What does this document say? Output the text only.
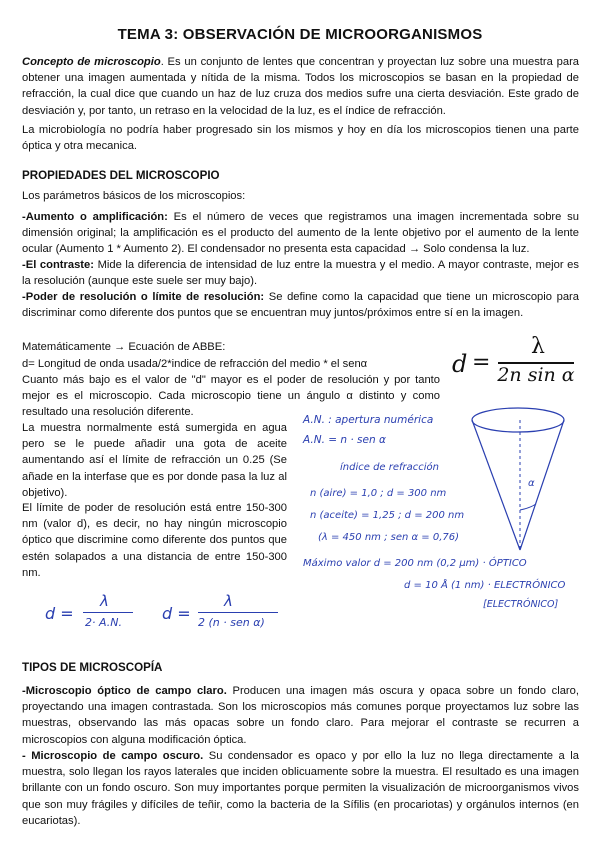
TEMA 3: OBSERVACIÓN DE MICROORGANISMOS
Concepto de microscopio. Es un conjunto de lentes que concentran y proyectan luz sobre una muestra para obtener una imagen aumentada y nítida de la misma. Todos los microscopios se basan en la propiedad de refracción, la cual dice que cuando un haz de luz cruza dos medios sufre una cierta desviación. Este grado de desviación y, por tanto, un retraso en la velocidad de la luz, es el índice de refracción.
La microbiología no podría haber progresado sin los mismos y hoy en día los microscopios tienen una parte óptica y otra mecanica.
PROPIEDADES DEL MICROSCOPIO
Los parámetros básicos de los microscopios:
-Aumento o amplificación: Es el número de veces que registramos una imagen incrementada sobre su dimensión original; la amplificación es el producto del aumento de la lente objetivo por el aumento de la lente ocular (Aumento 1 * Aumento 2). El condensador no presenta esta capacidad → Solo condensa la luz.
-El contraste: Mide la diferencia de intensidad de luz entre la muestra y el medio. A mayor contraste, mejor es la resolución (aunque este suele ser muy bajo).
-Poder de resolución o límite de resolución: Se define como la capacidad que tiene un microscopio para discriminar como diferente dos puntos que se encuentran muy juntos/próximos entre sí en la imagen.
Matemáticamente → Ecuación de ABBE:
d= Longitud de onda usada/2*indice de refracción del medio * el senα
Cuanto más bajo es el valor de "d" mayor es el poder de resolución y por tanto mejor es el microscopio. Cada microscopio tiene un ángulo α distinto y como resultado una resolución diferente.
La muestra normalmente está sumergida en agua pero se le puede añadir una gota de aceite aumentando así el límite de refracción un 0.25 (Se añade en la interfase que es por donde pasa la luz al objetivo).
El límite de poder de resolución está entre 150-300 nm (valor d), es decir, no hay ningún microscopio óptico que discrimine como diferente dos puntos que estén solapados a una distancia de entre 150-300 nm.
d =
λ
2n sin α
A.N. : apertura numérica
A.N. = n · sen α
índice de refracción
n (aire) = 1,0 ; d = 300 nm
n (aceite) = 1,25 ; d = 200 nm
(λ = 450 nm ; sen α = 0,76)
Máximo valor d = 200 nm (0,2 μm) · ÓPTICO
d = 10 Å (1 nm) · ELECTRÓNICO
[ELECTRÓNICO]
α
d =
λ
2· A.N.	d =
λ
2 (n · sen α)
TIPOS DE MICROSCOPÍA
-Microscopio óptico de campo claro. Producen una imagen más oscura y opaca sobre un fondo claro, proyectando una imagen contrastada. Son los microscopios más comunes porque proyectamos luz sobre las muestras, observando las más opacas sobre un fondo claro. Para mejorar el contraste se recurren a microscopios con alguna modificación óptica.
- Microscopio de campo oscuro. Su condensador es opaco y por ello la luz no llega directamente a la muestra, solo llegan los rayos laterales que inciden oblicuamente sobre la muestra. El resultado es una imagen brillante con un fondo oscuro. Son muy importantes porque permiten la visualización de microorganismos vivos que son muy frágiles y difíciles de teñir, como la bacteria de la Sífilis (en procariotas) y orgánulos internos (en eucariotas).
